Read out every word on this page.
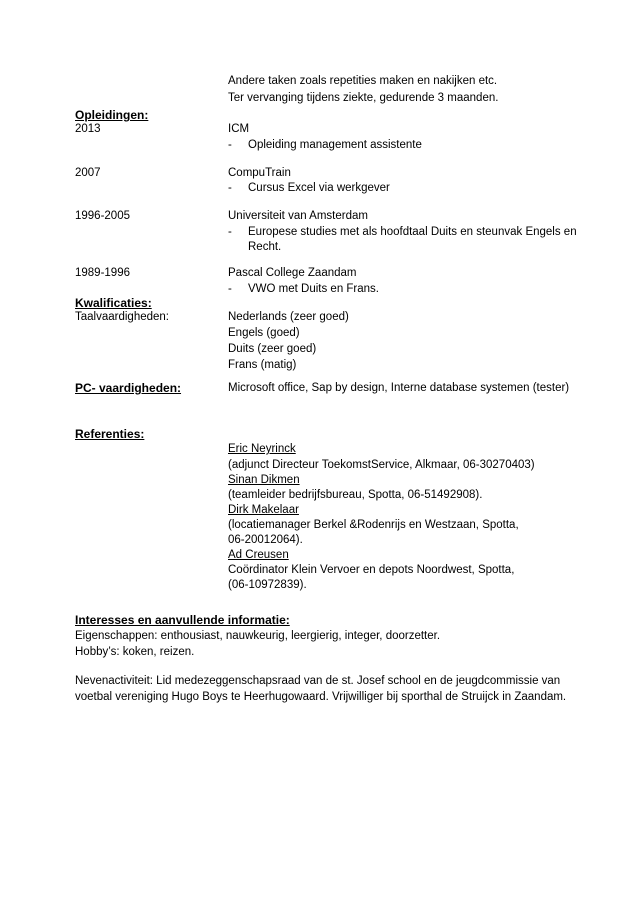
Andere taken zoals repetities maken en nakijken etc.
Ter vervanging tijdens ziekte, gedurende 3 maanden.
Opleidingen:
2013	ICM
- Opleiding management assistente
2007	CompuTrain
- Cursus Excel via werkgever
1996-2005	Universiteit van Amsterdam
- Europese studies met als hoofdtaal Duits en steunvak Engels en
Recht.
1989-1996	Pascal College Zaandam
- VWO met Duits en Frans.
Kwalificaties:
Taalvaardigheden:	Nederlands (zeer goed)
Engels (goed)
Duits (zeer goed)
Frans (matig)
PC- vaardigheden:	Microsoft office, Sap by design, Interne database systemen (tester)
Referenties:
Eric Neyrinck
(adjunct Directeur ToekomstService, Alkmaar, 06-30270403)
Sinan Dikmen
(teamleider bedrijfsbureau, Spotta, 06-51492908).
Dirk Makelaar
(locatiemanager Berkel &Rodenrijs en Westzaan, Spotta,
06-20012064).
Ad Creusen
Coördinator Klein Vervoer en depots Noordwest, Spotta,
(06-10972839).
Interesses en aanvullende informatie:
Eigenschappen: enthousiast, nauwkeurig, leergierig, integer, doorzetter.
Hobby’s: koken, reizen.
Nevenactiviteit: Lid medezeggenschapsraad van de st. Josef school en de jeugdcommissie van
voetbal vereniging Hugo Boys te Heerhugowaard. Vrijwilliger bij sporthal de Struijck in Zaandam.
